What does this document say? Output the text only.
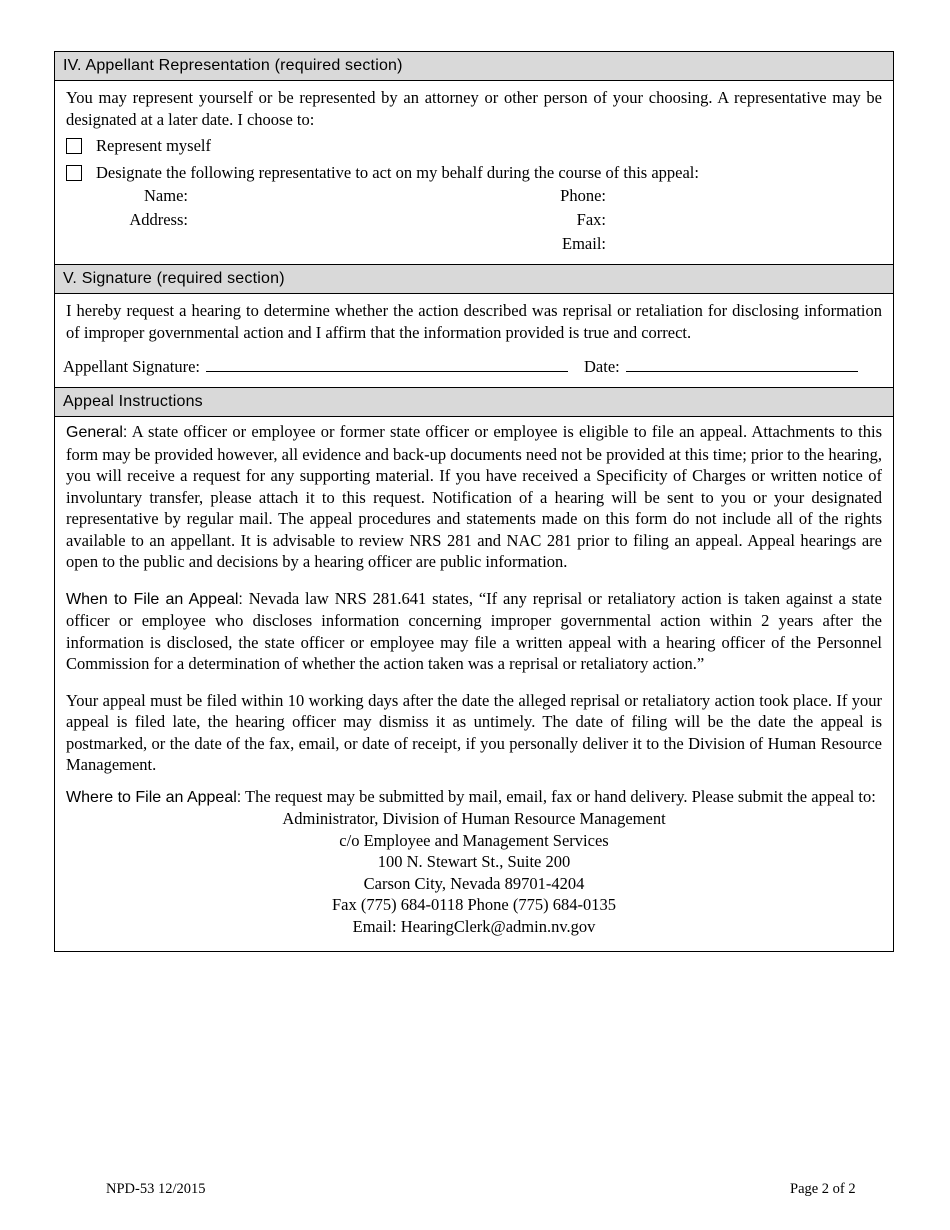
IV. Appellant Representation (required section)

You may represent yourself or be represented by an attorney or other person of your choosing. A representative may be designated at a later date. I choose to:

Represent myself
Designate the following representative to act on my behalf during the course of this appeal:
Name:
Address:
Phone:
Fax:
Email:
V. Signature (required section)

I hereby request a hearing to determine whether the action described was reprisal or retaliation for disclosing information of improper governmental action and I affirm that the information provided is true and correct.

Appellant Signature:	Date:
Appeal Instructions

General: A state officer or employee or former state officer or employee is eligible to file an appeal. Attachments to this form may be provided however, all evidence and back-up documents need not be provided at this time; prior to the hearing, you will receive a request for any supporting material. If you have received a Specificity of Charges or written notice of involuntary transfer, please attach it to this request. Notification of a hearing will be sent to you or your designated representative by regular mail. The appeal procedures and statements made on this form do not include all of the rights available to an appellant. It is advisable to review NRS 281 and NAC 281 prior to filing an appeal. Appeal hearings are open to the public and decisions by a hearing officer are public information.

When to File an Appeal: Nevada law NRS 281.641 states, “If any reprisal or retaliatory action is taken against a state officer or employee who discloses information concerning improper governmental action within 2 years after the information is disclosed, the state officer or employee may file a written appeal with a hearing officer of the Personnel Commission for a determination of whether the action taken was a reprisal or retaliatory action.”

Your appeal must be filed within 10 working days after the date the alleged reprisal or retaliatory action took place. If your appeal is filed late, the hearing officer may dismiss it as untimely. The date of filing will be the date the appeal is postmarked, or the date of the fax, email, or date of receipt, if you personally deliver it to the Division of Human Resource Management.

Where to File an Appeal: The request may be submitted by mail, email, fax or hand delivery. Please submit the appeal to:

Administrator, Division of Human Resource Management
c/o Employee and Management Services
100 N. Stewart St., Suite 200
Carson City, Nevada 89701-4204
Fax (775) 684-0118 Phone (775) 684-0135
Email: HearingClerk@admin.nv.gov
NPD-53 12/2015	Page 2 of 2
